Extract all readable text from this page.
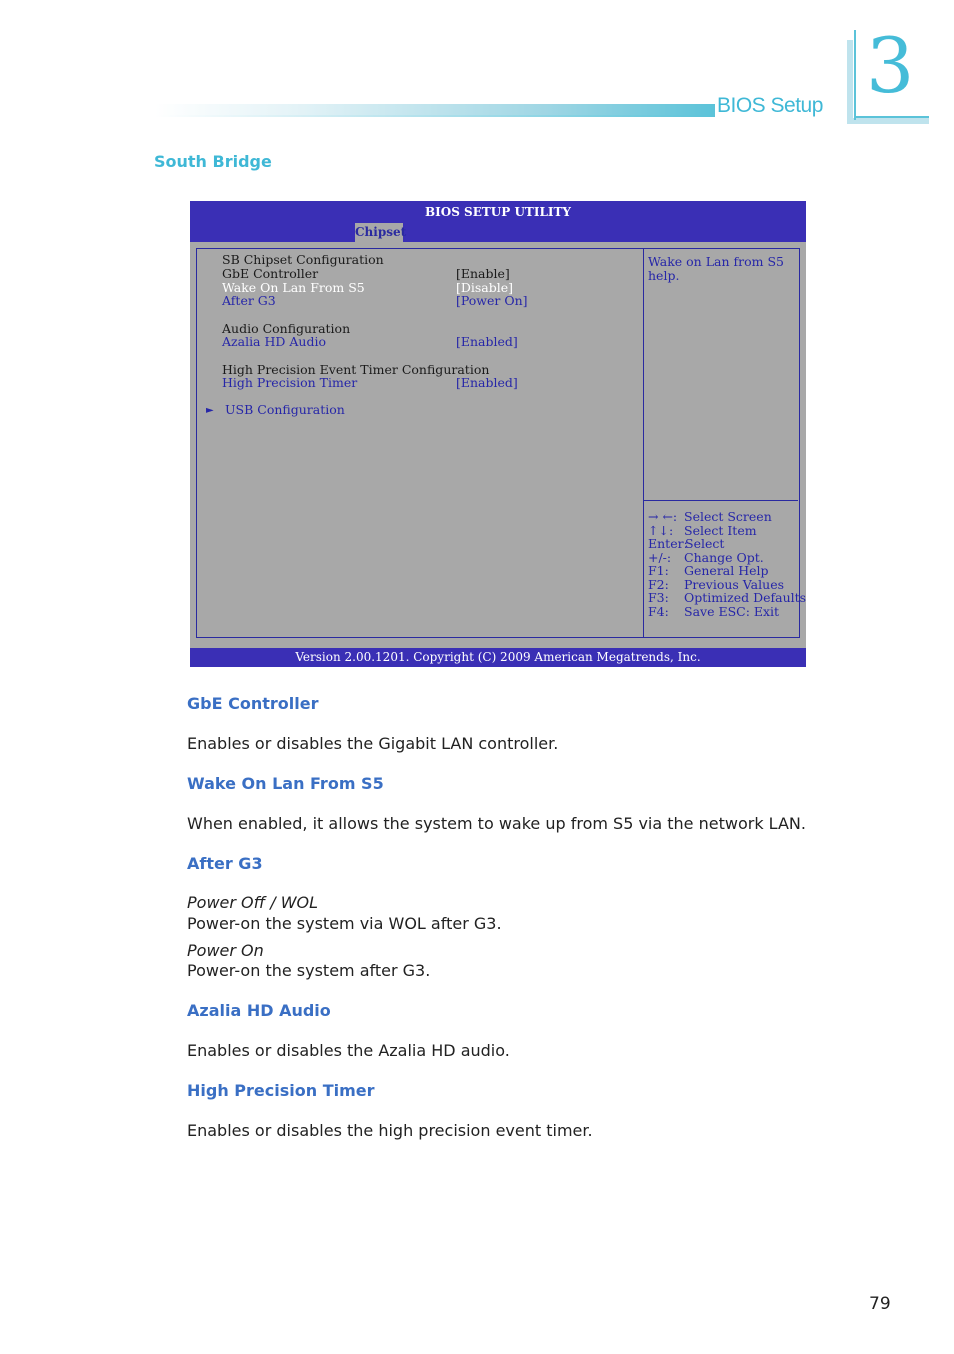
BIOS Setup 3
South Bridge
BIOS SETUP UTILITY
Chipset
SB Chipset Configuration
GbE Controller	[Enable]
Wake On Lan From S5	[Disable]
After G3	[Power On]
Audio Configuration
Azalia HD Audio	[Enabled]
High Precision Event Timer Configuration
High Precision Timer	[Enabled]
► USB Configuration
Wake on Lan from S5 help.
→ ←: Select Screen
↑↓: Select Item
Enter:
Select
+/-: Change Opt.
F1: General Help
F2: Previous Values
F3: Optimized Defaults
F4: Save ESC: Exit
Version 2.00.1201. Copyright (C) 2009 American Megatrends, Inc.
GbE Controller
Enables or disables the Gigabit LAN controller.
Wake On Lan From S5
When enabled, it allows the system to wake up from S5 via the network LAN.
After G3
Power Off / WOL
Power-on the system via WOL after G3.
Power On
Power-on the system after G3.
Azalia HD Audio
Enables or disables the Azalia HD audio.
High Precision Timer
Enables or disables the high precision event timer.
79
